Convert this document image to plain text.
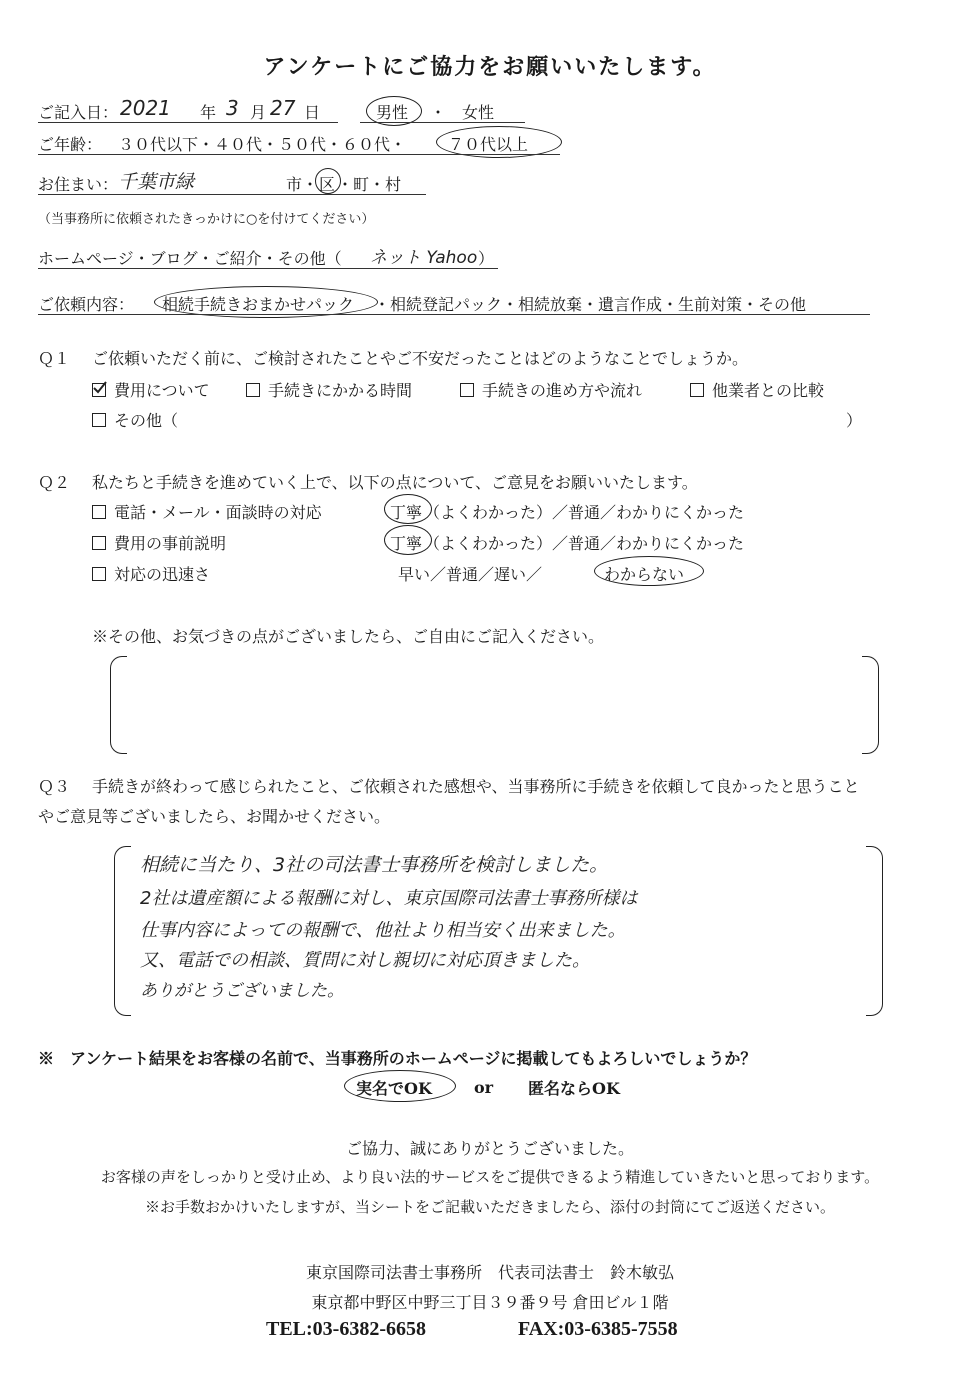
アンケートにご協力をお願いいたします。
ご記入日： 2021 年 3 月 27 日	男性 ・ 女性
ご年齢： ３０代以下・４０代・５０代・６０代・	７０代以上
お住まい： 千葉市緑	市・ 区 ・町・村
（当事務所に依頼されたきっかけに○を付けてください）
ホームページ・ブログ・ご紹介・その他（ ネット Yahoo ）
ご依頼内容： 相続手続きおまかせパック ・相続登記パック・相続放棄・遺言作成・生前対策・その他
Ｑ１ ご依頼いただく前に、ご検討されたことやご不安だったことはどのようなことでしょうか。
費用について	手続きにかかる時間	手続きの進め方や流れ	他業者との比較
その他（	）
Ｑ２ 私たちと手続きを進めていく上で、以下の点について、ご意見をお願いいたします。
電話・メール・面談時の対応	丁寧 （よくわかった）／普通／わかりにくかった
費用の事前説明	丁寧 （よくわかった）／普通／わかりにくかった
対応の迅速さ	早い／普通／遅い／	わからない
※その他、お気づきの点がございましたら、ご自由にご記入ください。
Ｑ３ 手続きが終わって感じられたこと、ご依頼された感想や、当事務所に手続きを依頼して良かったと思うこと
やご意見等ございましたら、お聞かせください。
相続に当たり、3社の司法書士事務所を検討しました。
2社は遺産額による報酬に対し、東京国際司法書士事務所様は
仕事内容によっての報酬で、他社より相当安く出来ました。
又、電話での相談、質問に対し親切に対応頂きました。
ありがとうございました。
※　アンケート結果をお客様の名前で、当事務所のホームページに掲載してもよろしいでしょうか？
実名でOK	or 匿名ならOK
ご協力、誠にありがとうございました。
お客様の声をしっかりと受け止め、より良い法的サービスをご提供できるよう精進していきたいと思っております。
※お手数おかけいたしますが、当シートをご記載いただきましたら、添付の封筒にてご返送ください。
東京国際司法書士事務所　代表司法書士　鈴木敏弘
東京都中野区中野三丁目３９番９号 倉田ビル１階
TEL:03-6382-6658	FAX:03-6385-7558
